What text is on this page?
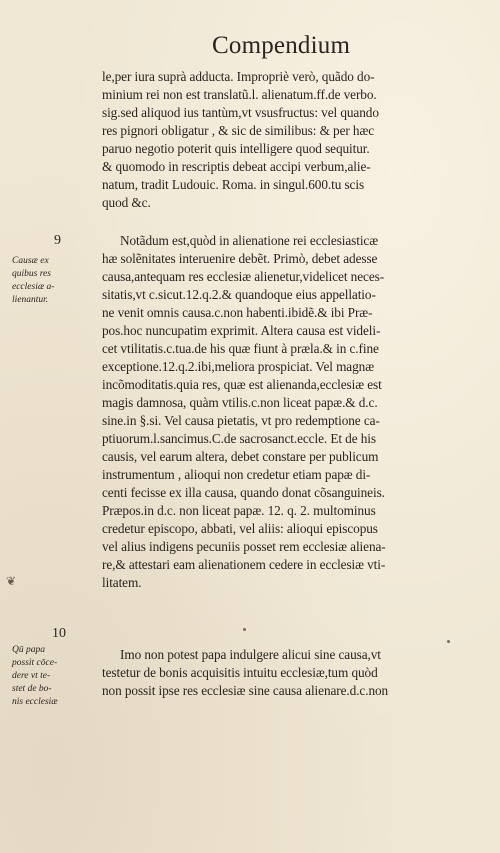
Compendium
le,per iura suprà adducta. Impropriè verò, quãdo do-
minium rei non est translatũ.l. alienatum.ff.de verbo.
sig.sed aliquod ius tantùm,vt vsusfructus: vel quando
res pignori obligatur , & sic de similibus: & per hæc
paruo negotio poterit quis intelligere quod sequitur.
& quomodo in rescriptis debeat accipi verbum,alie-
natum, tradit Ludouic. Roma. in singul.600.tu scis
quod &c.
Notãdum est,quòd in alienatione rei ecclesiasticæ
hæ solẽnitates interuenire debẽt. Primò, debet adesse
causa,antequam res ecclesiæ alienetur,videlicet neces-
sitatis,vt c.sicut.12.q.2.& quandoque eius appellatio-
ne venit omnis causa.c.non habenti.ibidẽ.& ibi Præ-
pos.hoc nuncupatim exprimit. Altera causa est videli-
cet vtilitatis.c.tua.de his quæ fiunt à præla.& in c.fine
exceptione.12.q.2.ibi,meliora prospiciat. Vel magnæ
incõmoditatis.quia res, quæ est alienanda,ecclesiæ est
magis damnosa, quàm vtilis.c.non liceat papæ.& d.c.
sine.in §.si. Vel causa pietatis, vt pro redemptione ca-
ptiuorum.l.sancimus.C.de sacrosanct.eccle. Et de his
causis, vel earum altera, debet constare per publicum
instrumentum , alioqui non credetur etiam papæ di-
centi fecisse ex illa causa, quando donat cõsanguineis.
Præpos.in d.c. non liceat papæ. 12. q. 2. multominus
credetur episcopo, abbati, vel aliis: alioqui episcopus
vel alius indigens pecuniis posset rem ecclesiæ aliena-
re,& attestari eam alienationem cedere in ecclesiæ vti-
litatem.
Imo non potest papa indulgere alicui sine causa,vt
testetur de bonis acquisitis intuitu ecclesiæ,tum quòd
non possit ipse res ecclesiæ sine causa alienare.d.c.non
9
10
Causæ ex
quibus res
ecclesiæ a-
lienantur.
Qū papa
possit cōce-
dere vt te-
stet de bo-
nis ecclesiæ
❦
